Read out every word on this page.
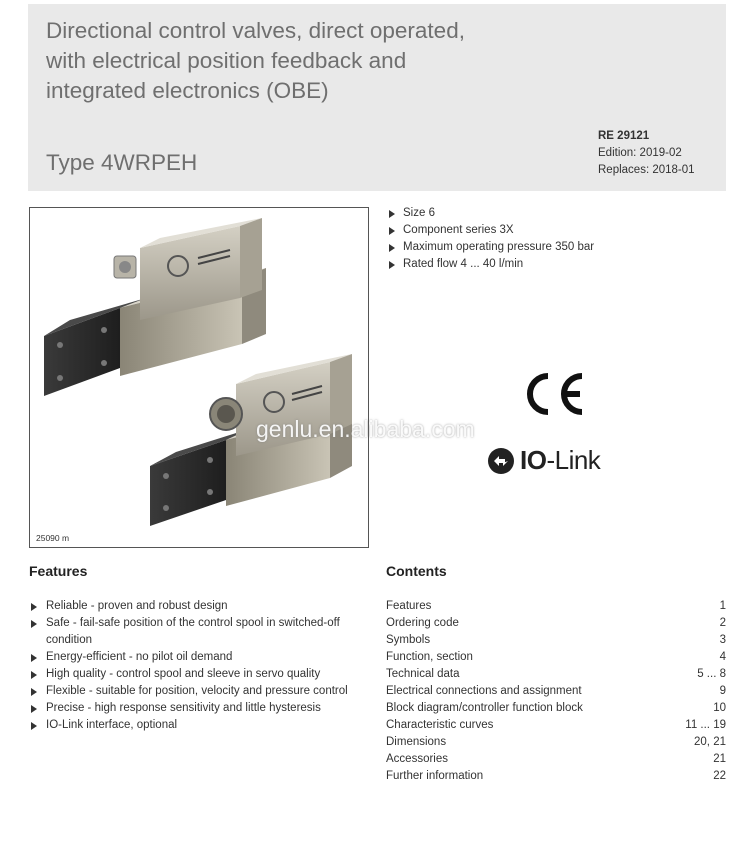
Directional control valves, direct operated,
with electrical position feedback and
integrated electronics (OBE)
Type 4WRPEH
RE 29121
Edition: 2019-02
Replaces: 2018-01
25090 m
genlu.en.alibaba.com
Size 6
Component series 3X
Maximum operating pressure 350 bar
Rated flow 4 ... 40 l/min
IO-Link
Features
Reliable - proven and robust design
Safe - fail-safe position of the control spool in switched-off condition
Energy-efficient - no pilot oil demand
High quality - control spool and sleeve in servo quality
Flexible - suitable for position, velocity and pressure control
Precise - high response sensitivity and little hysteresis
IO-Link interface, optional
Contents
Features	1
Ordering code	2
Symbols	3
Function, section	4
Technical data	5 ... 8
Electrical connections and assignment	9
Block diagram/controller function block	10
Characteristic curves	11 ... 19
Dimensions	20, 21
Accessories	21
Further information	22
